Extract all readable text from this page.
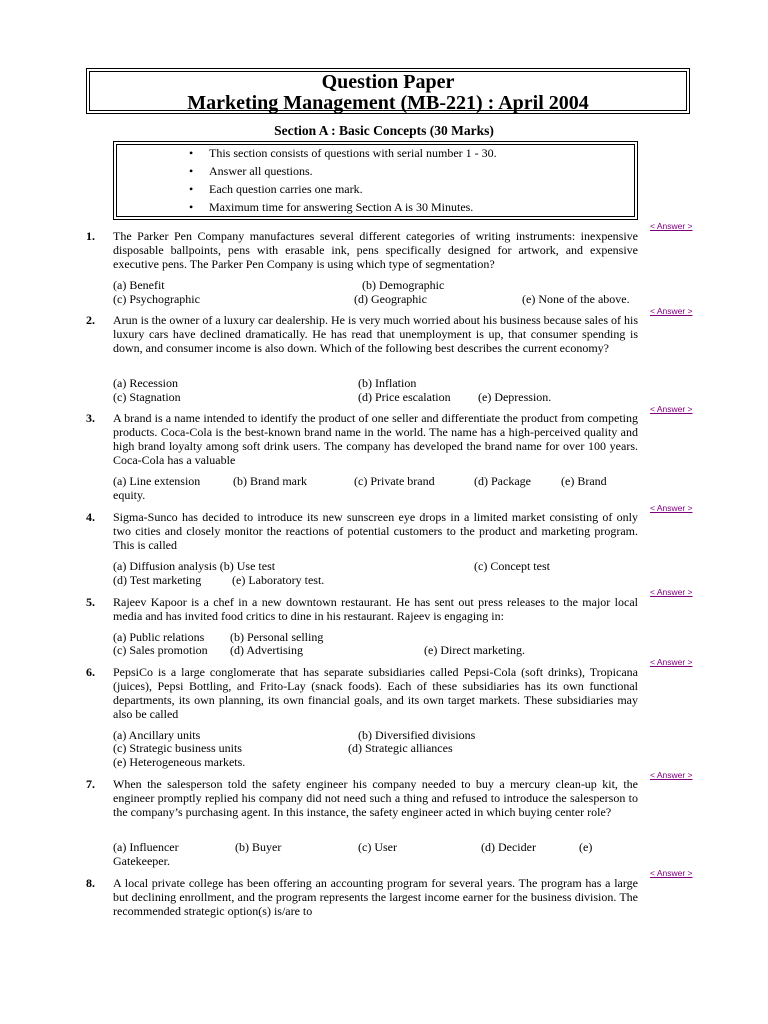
Question Paper
Marketing Management (MB-221) : April 2004
Section A : Basic Concepts (30 Marks)
• This section consists of questions with serial number 1 - 30.
• Answer all questions.
• Each question carries one mark.
• Maximum time for answering Section A is 30 Minutes.
< Answer >
1. The Parker Pen Company manufactures several different categories of writing instruments: inexpensive disposable ballpoints, pens with erasable ink, pens specifically designed for artwork, and expensive executive pens. The Parker Pen Company is using which type of segmentation?
(a) Benefit	(b) Demographic
(c) Psychographic	(d) Geographic	(e) None of the above.
< Answer >
2. Arun is the owner of a luxury car dealership. He is very much worried about his business because sales of his luxury cars have declined dramatically. He has read that unemployment is up, that consumer spending is down, and consumer income is also down. Which of the following best describes the current economy?
(a) Recession	(b) Inflation
(c) Stagnation	(d) Price escalation (e) Depression.
< Answer >
3. A brand is a name intended to identify the product of one seller and differentiate the product from competing products. Coca-Cola is the best-known brand name in the world. The name has a high-perceived quality and high brand loyalty among soft drink users. The company has developed the brand name for over 100 years. Coca-Cola has a valuable
(a) Line extension	(b) Brand mark	(c) Private brand	(d) Package	(e) Brand
equity.
< Answer >
4. Sigma-Sunco has decided to introduce its new sunscreen eye drops in a limited market consisting of only two cities and closely monitor the reactions of potential customers to the product and marketing program. This is called
(a) Diffusion analysis (b) Use test	(c) Concept test
(d) Test marketing	(e) Laboratory test.
< Answer >
5. Rajeev Kapoor is a chef in a new downtown restaurant. He has sent out press releases to the major local media and has invited food critics to dine in his restaurant. Rajeev is engaging in:
(a) Public relations (b) Personal selling
(c) Sales promotion (d) Advertising	(e) Direct marketing.
< Answer >
6. PepsiCo is a large conglomerate that has separate subsidiaries called Pepsi-Cola (soft drinks), Tropicana (juices), Pepsi Bottling, and Frito-Lay (snack foods). Each of these subsidiaries has its own functional departments, its own planning, its own financial goals, and its own target markets. These subsidiaries may also be called
(a) Ancillary units	(b) Diversified divisions
(c) Strategic business units	(d) Strategic alliances
(e) Heterogeneous markets.
< Answer >
7. When the salesperson told the safety engineer his company needed to buy a mercury clean-up kit, the engineer promptly replied his company did not need such a thing and refused to introduce the salesperson to the company’s purchasing agent. In this instance, the safety engineer acted in which buying center role?
(a) Influencer	(b) Buyer	(c) User	(d) Decider	(e)
Gatekeeper.
< Answer >
8. A local private college has been offering an accounting program for several years. The program has a large but declining enrollment, and the program represents the largest income earner for the business division. The recommended strategic option(s) is/are to
